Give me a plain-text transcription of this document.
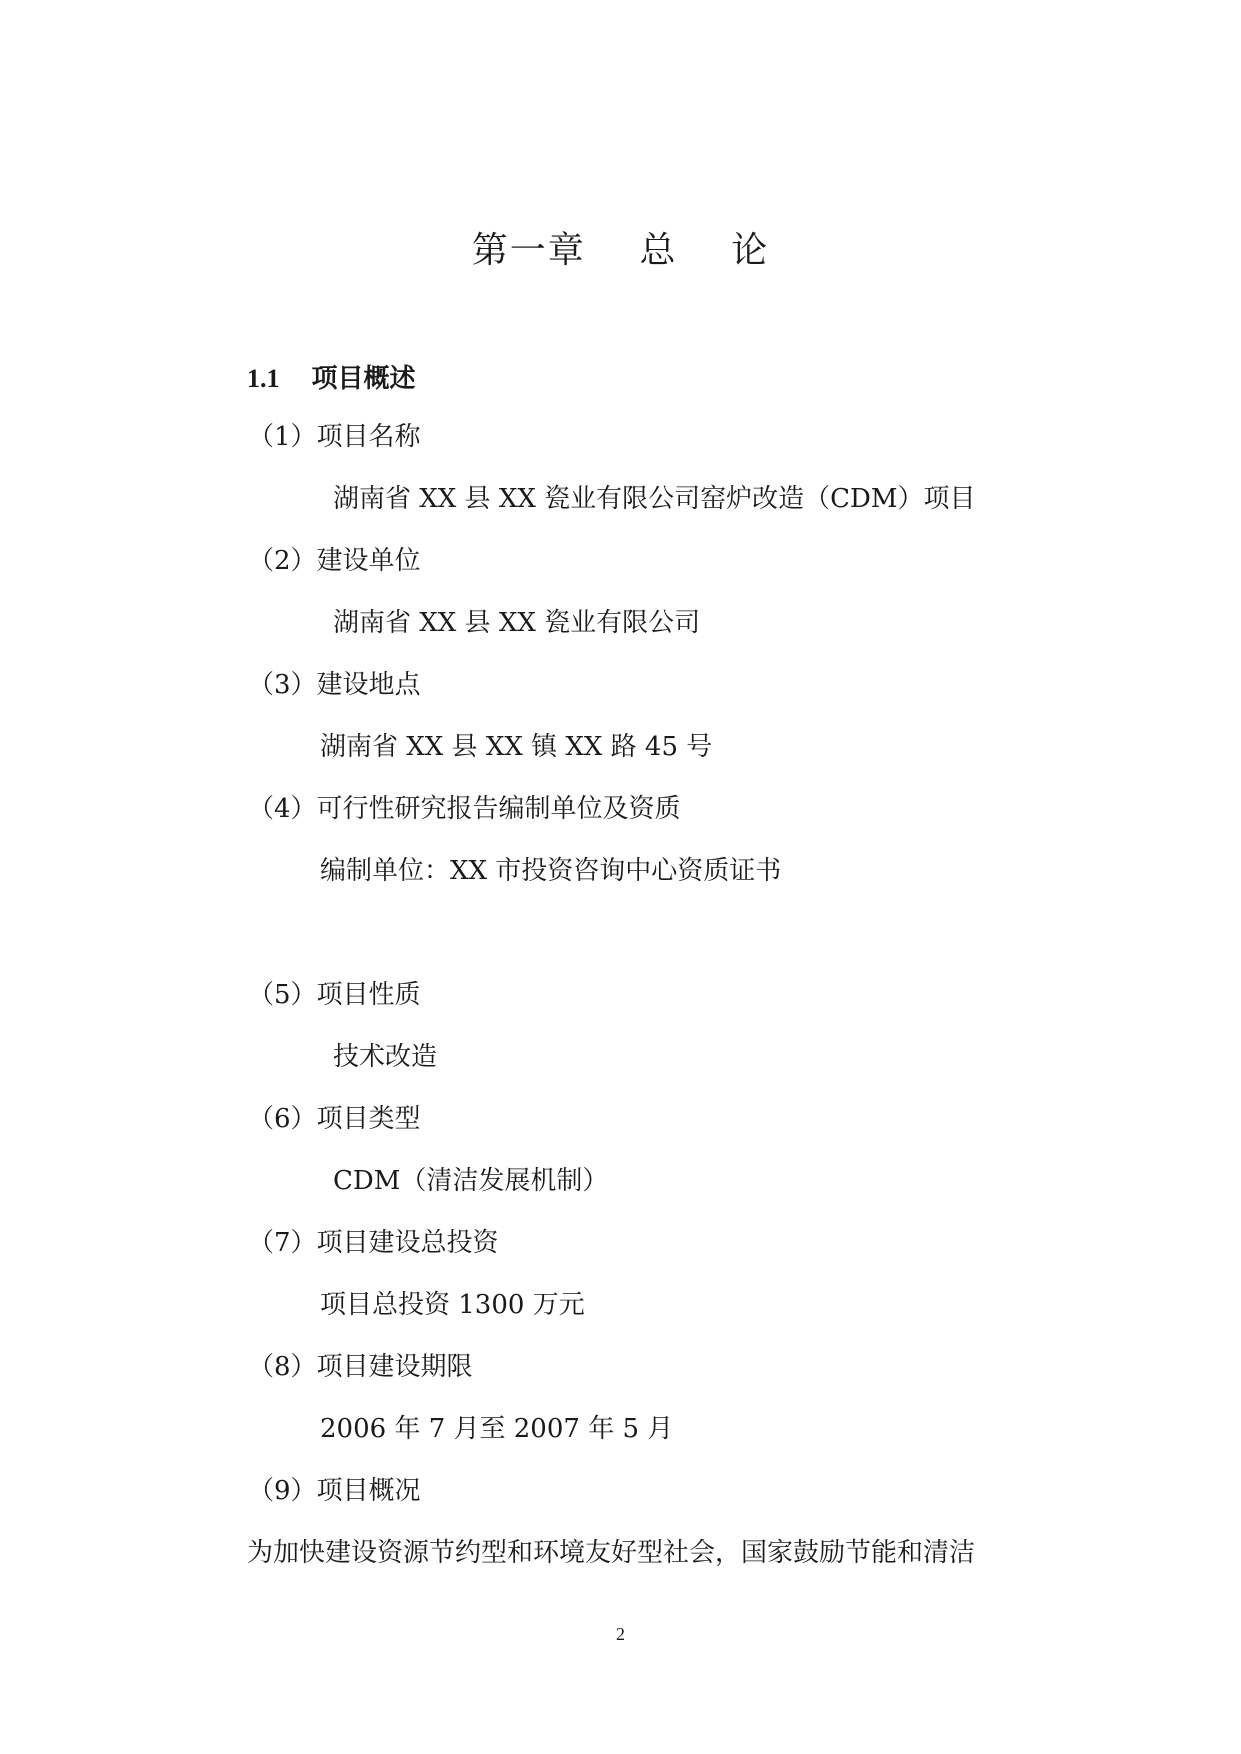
第一章    总    论
1.1 项目概述
（1）项目名称
湖南省 XX 县 XX 瓷业有限公司窑炉改造（CDM）项目
（2）建设单位
湖南省 XX 县 XX 瓷业有限公司
（3）建设地点
湖南省 XX 县 XX 镇 XX 路 45 号
（4）可行性研究报告编制单位及资质
编制单位：XX 市投资咨询中心资质证书
（5）项目性质
技术改造
（6）项目类型
CDM（清洁发展机制）
（7）项目建设总投资
项目总投资 1300 万元
（8）项目建设期限
2006 年 7 月至 2007 年 5 月
（9）项目概况
为加快建设资源节约型和环境友好型社会，国家鼓励节能和清洁
2
